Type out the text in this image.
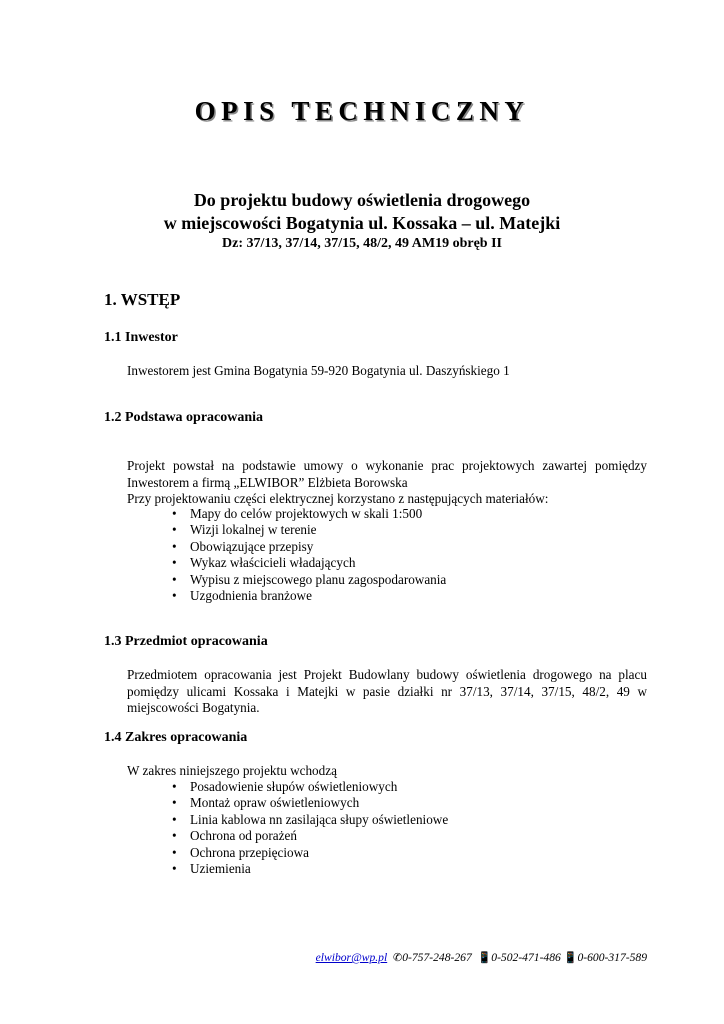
OPIS TECHNICZNY
Do projektu budowy oświetlenia drogowego
w miejscowości Bogatynia ul. Kossaka – ul. Matejki
Dz: 37/13, 37/14, 37/15, 48/2, 49 AM19 obręb II
1. WSTĘP
1.1 Inwestor
Inwestorem jest Gmina Bogatynia 59-920 Bogatynia ul. Daszyńskiego 1
1.2 Podstawa opracowania
Projekt powstał na podstawie umowy o wykonanie prac projektowych zawartej pomiędzy
Inwestorem a firmą „ELWIBOR” Elżbieta Borowska
Przy projektowaniu części elektrycznej korzystano z następujących materiałów:
• Mapy do celów projektowych w skali 1:500
• Wizji lokalnej w terenie
• Obowiązujące przepisy
• Wykaz właścicieli władających
• Wypisu z miejscowego planu zagospodarowania
• Uzgodnienia branżowe
1.3 Przedmiot opracowania
Przedmiotem opracowania jest Projekt Budowlany budowy oświetlenia drogowego na placu
pomiędzy ulicami Kossaka i Matejki w pasie działki nr 37/13, 37/14, 37/15, 48/2, 49 w
miejscowości Bogatynia.
1.4 Zakres opracowania
W zakres niniejszego projektu wchodzą
• Posadowienie słupów oświetleniowych
• Montaż opraw oświetleniowych
• Linia kablowa nn zasilająca słupy oświetleniowe
• Ochrona od porażeń
• Ochrona przepięciowa
• Uziemienia
elwibor@wp.pl ✆0-757-248-267 📱0-502-471-486 📱0-600-317-589
